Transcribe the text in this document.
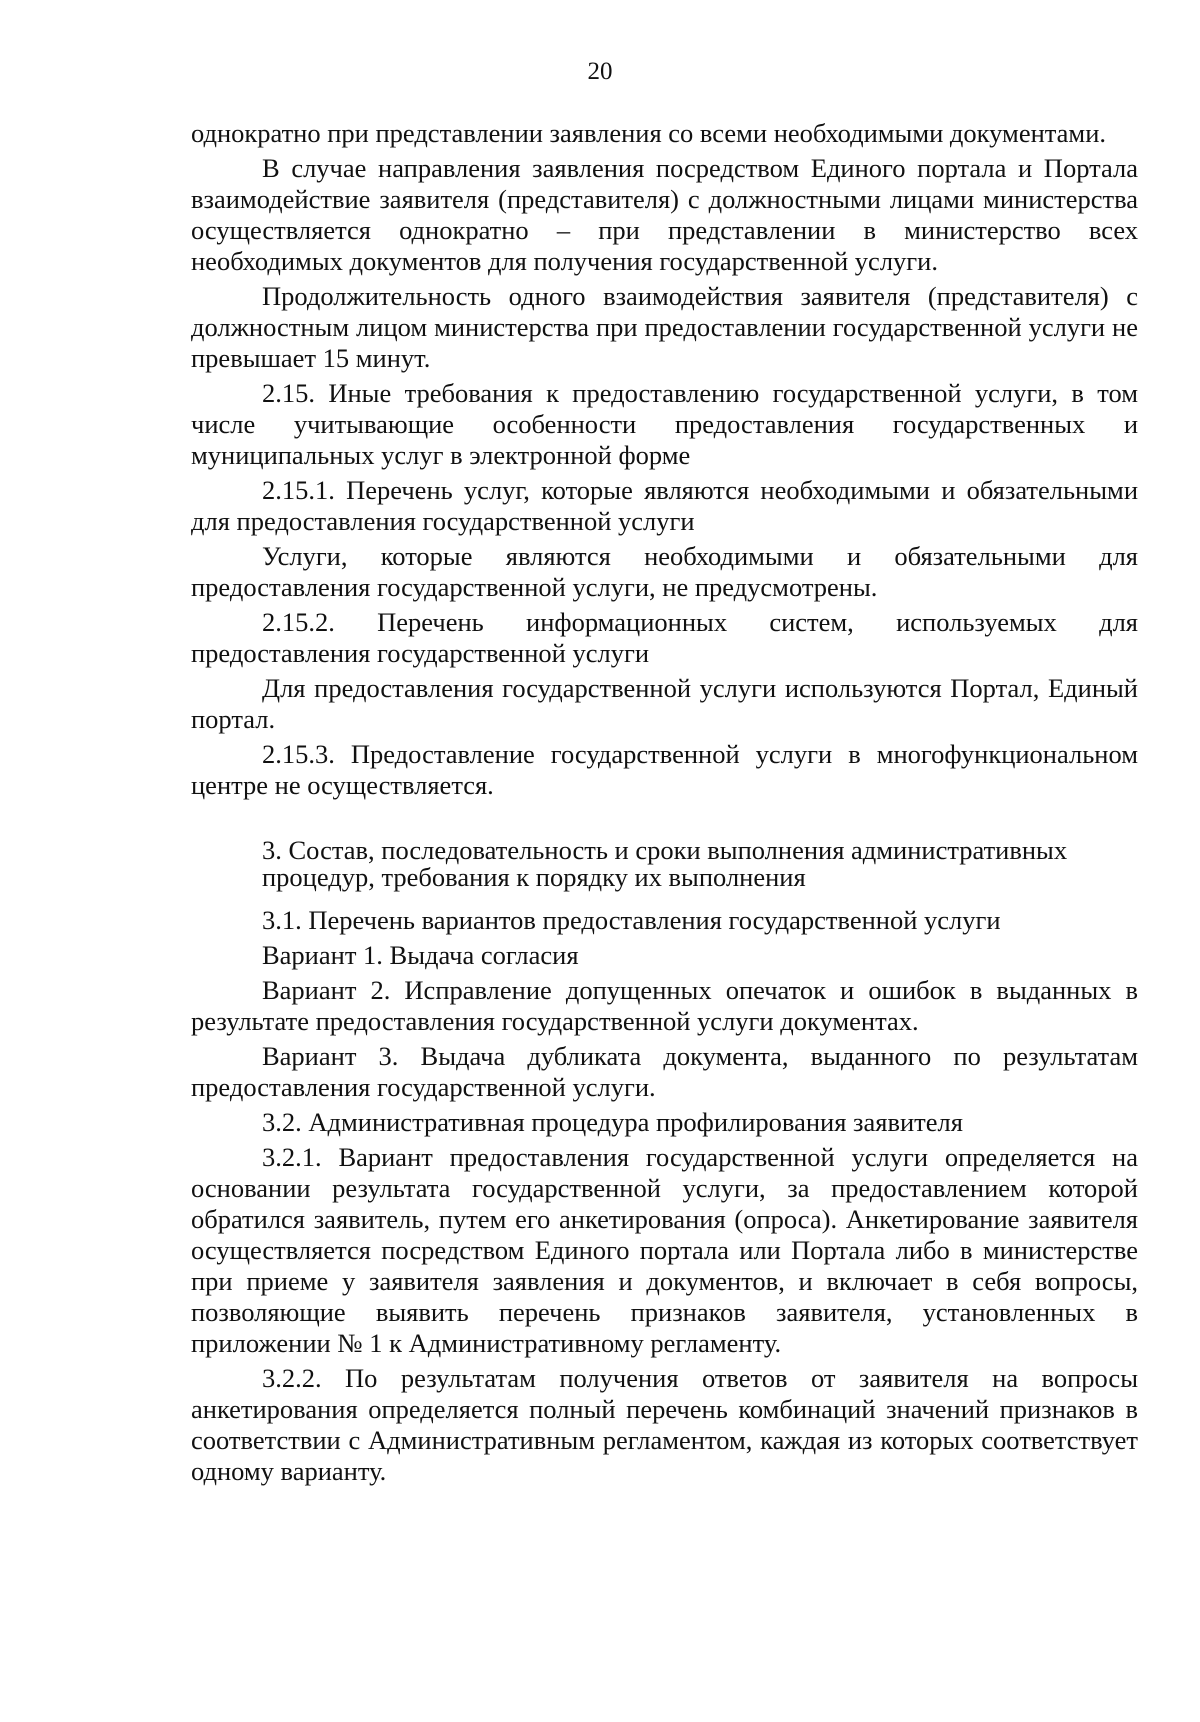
20

однократно при представлении заявления со всеми необходимыми документами.

В случае направления заявления посредством Единого портала и Портала взаимодействие заявителя (представителя) с должностными лицами министерства осуществляется однократно – при представлении в министерство всех необходимых документов для получения государственной услуги.

Продолжительность одного взаимодействия заявителя (представителя) с должностным лицом министерства при предоставлении государственной услуги не превышает 15 минут.

2.15. Иные требования к предоставлению государственной услуги, в том числе учитывающие особенности предоставления государственных и муниципальных услуг в электронной форме

2.15.1. Перечень услуг, которые являются необходимыми и обязательными для предоставления государственной услуги

Услуги, которые являются необходимыми и обязательными для предоставления государственной услуги, не предусмотрены.

2.15.2. Перечень информационных систем, используемых для предоставления государственной услуги

Для предоставления государственной услуги используются Портал, Единый портал.

2.15.3. Предоставление государственной услуги в многофункциональном центре не осуществляется.

3. Состав, последовательность и сроки выполнения административных процедур, требования к порядку их выполнения

3.1. Перечень вариантов предоставления государственной услуги

Вариант 1. Выдача согласия

Вариант 2. Исправление допущенных опечаток и ошибок в выданных в результате предоставления государственной услуги документах.

Вариант 3. Выдача дубликата документа, выданного по результатам предоставления государственной услуги.

3.2. Административная процедура профилирования заявителя

3.2.1. Вариант предоставления государственной услуги определяется на основании результата государственной услуги, за предоставлением которой обратился заявитель, путем его анкетирования (опроса). Анкетирование заявителя осуществляется посредством Единого портала или Портала либо в министерстве при приеме у заявителя заявления и документов, и включает в себя вопросы, позволяющие выявить перечень признаков заявителя, установленных в приложении № 1 к Административному регламенту.

3.2.2. По результатам получения ответов от заявителя на вопросы анкетирования определяется полный перечень комбинаций значений признаков в соответствии с Административным регламентом, каждая из которых соответствует одному варианту.
